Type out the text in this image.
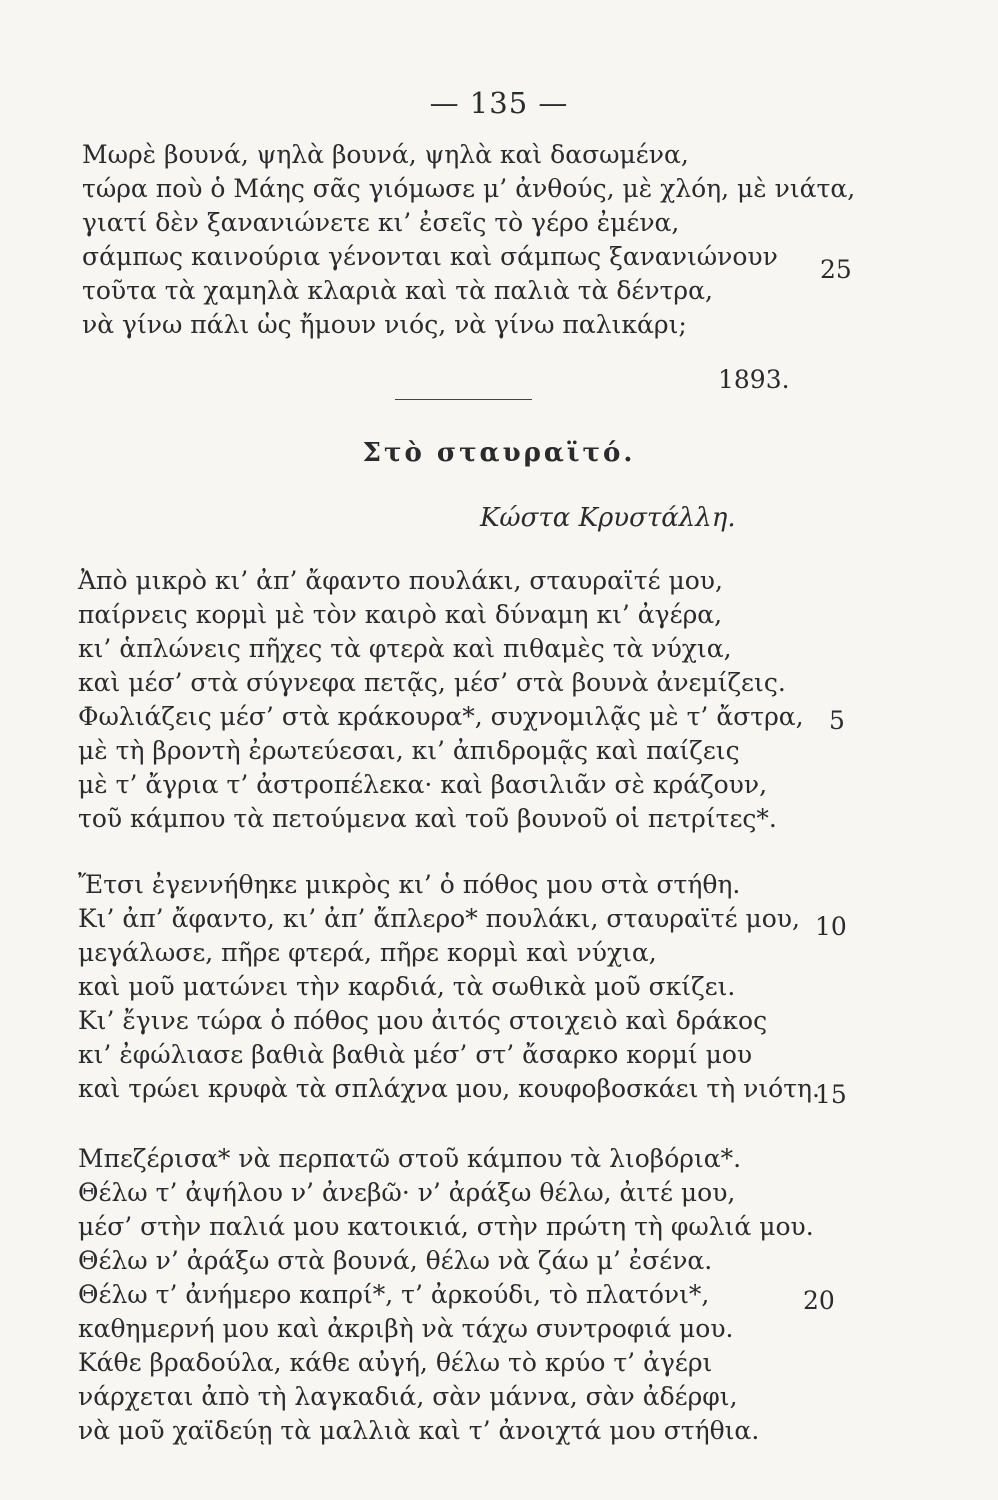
— 135 —
Μωρὲ βουνά, ψηλὰ βουνά, ψηλὰ καὶ δασωμένα,
τώρα ποὺ ὁ Μάης σᾶς γιόμωσε μ’ ἀνθούς, μὲ χλόη, μὲ νιάτα,
γιατί δὲν ξανανιώνετε κι’ ἐσεῖς τὸ γέρο ἐμένα,
σάμπως καινούρια γένονται καὶ σάμπως ξανανιώνουν
τοῦτα τὰ χαμηλὰ κλαριὰ καὶ τὰ παλιὰ τὰ δέντρα,
νὰ γίνω πάλι ὡς ἤμουν νιός, νὰ γίνω παλικάρι;
25
1893.
Στὸ σταυραϊτό.
Κώστα Κρυστάλλη.
Ἀπὸ μικρὸ κι’ ἀπ’ ἄφαντο πουλάκι, σταυραϊτέ μου,
παίρνεις κορμὶ μὲ τὸν καιρὸ καὶ δύναμη κι’ ἀγέρα,
κι’ ἁπλώνεις πῆχες τὰ φτερὰ καὶ πιθαμὲς τὰ νύχια,
καὶ μέσ’ στὰ σύγνεφα πετᾷς, μέσ’ στὰ βουνὰ ἀνεμίζεις.
Φωλιάζεις μέσ’ στὰ κράκουρα*, συχνομιλᾷς μὲ τ’ ἄστρα,
μὲ τὴ βροντὴ ἐρωτεύεσαι, κι’ ἀπιδρομᾷς καὶ παίζεις
μὲ τ’ ἄγρια τ’ ἀστροπέλεκα· καὶ βασιλιᾶν σὲ κράζουν,
τοῦ κάμπου τὰ πετούμενα καὶ τοῦ βουνοῦ οἱ πετρίτες*.
5
Ἔτσι ἐγεννήθηκε μικρὸς κι’ ὁ πόθος μου στὰ στήθη.
Κι’ ἀπ’ ἄφαντο, κι’ ἀπ’ ἄπλερο* πουλάκι, σταυραϊτέ μου,
μεγάλωσε, πῆρε φτερά, πῆρε κορμὶ καὶ νύχια,
καὶ μοῦ ματώνει τὴν καρδιά, τὰ σωθικὰ μοῦ σκίζει.
Κι’ ἔγινε τώρα ὁ πόθος μου ἀιτός στοιχειὸ καὶ δράκος
κι’ ἐφώλιασε βαθιὰ βαθιὰ μέσ’ στ’ ἄσαρκο κορμί μου
καὶ τρώει κρυφὰ τὰ σπλάχνα μου, κουφοβοσκάει τὴ νιότη.
10
15
Μπεζέρισα* νὰ περπατῶ στοῦ κάμπου τὰ λιοβόρια*.
Θέλω τ’ ἀψήλου ν’ ἀνεβῶ· ν’ ἀράξω θέλω, ἀιτέ μου,
μέσ’ στὴν παλιά μου κατοικιά, στὴν πρώτη τὴ φωλιά μου.
Θέλω ν’ ἀράξω στὰ βουνά, θέλω νὰ ζάω μ’ ἐσένα.
Θέλω τ’ ἀνήμερο καπρί*, τ’ ἀρκούδι, τὸ πλατόνι*,
καθημερνή μου καὶ ἀκριβὴ νὰ τάχω συντροφιά μου.
Κάθε βραδούλα, κάθε αὐγή, θέλω τὸ κρύο τ’ ἀγέρι
νάρχεται ἀπὸ τὴ λαγκαδιά, σὰν μάννα, σὰν ἀδέρφι,
νὰ μοῦ χαϊδεύῃ τὰ μαλλιὰ καὶ τ’ ἀνοιχτά μου στήθια.
20
